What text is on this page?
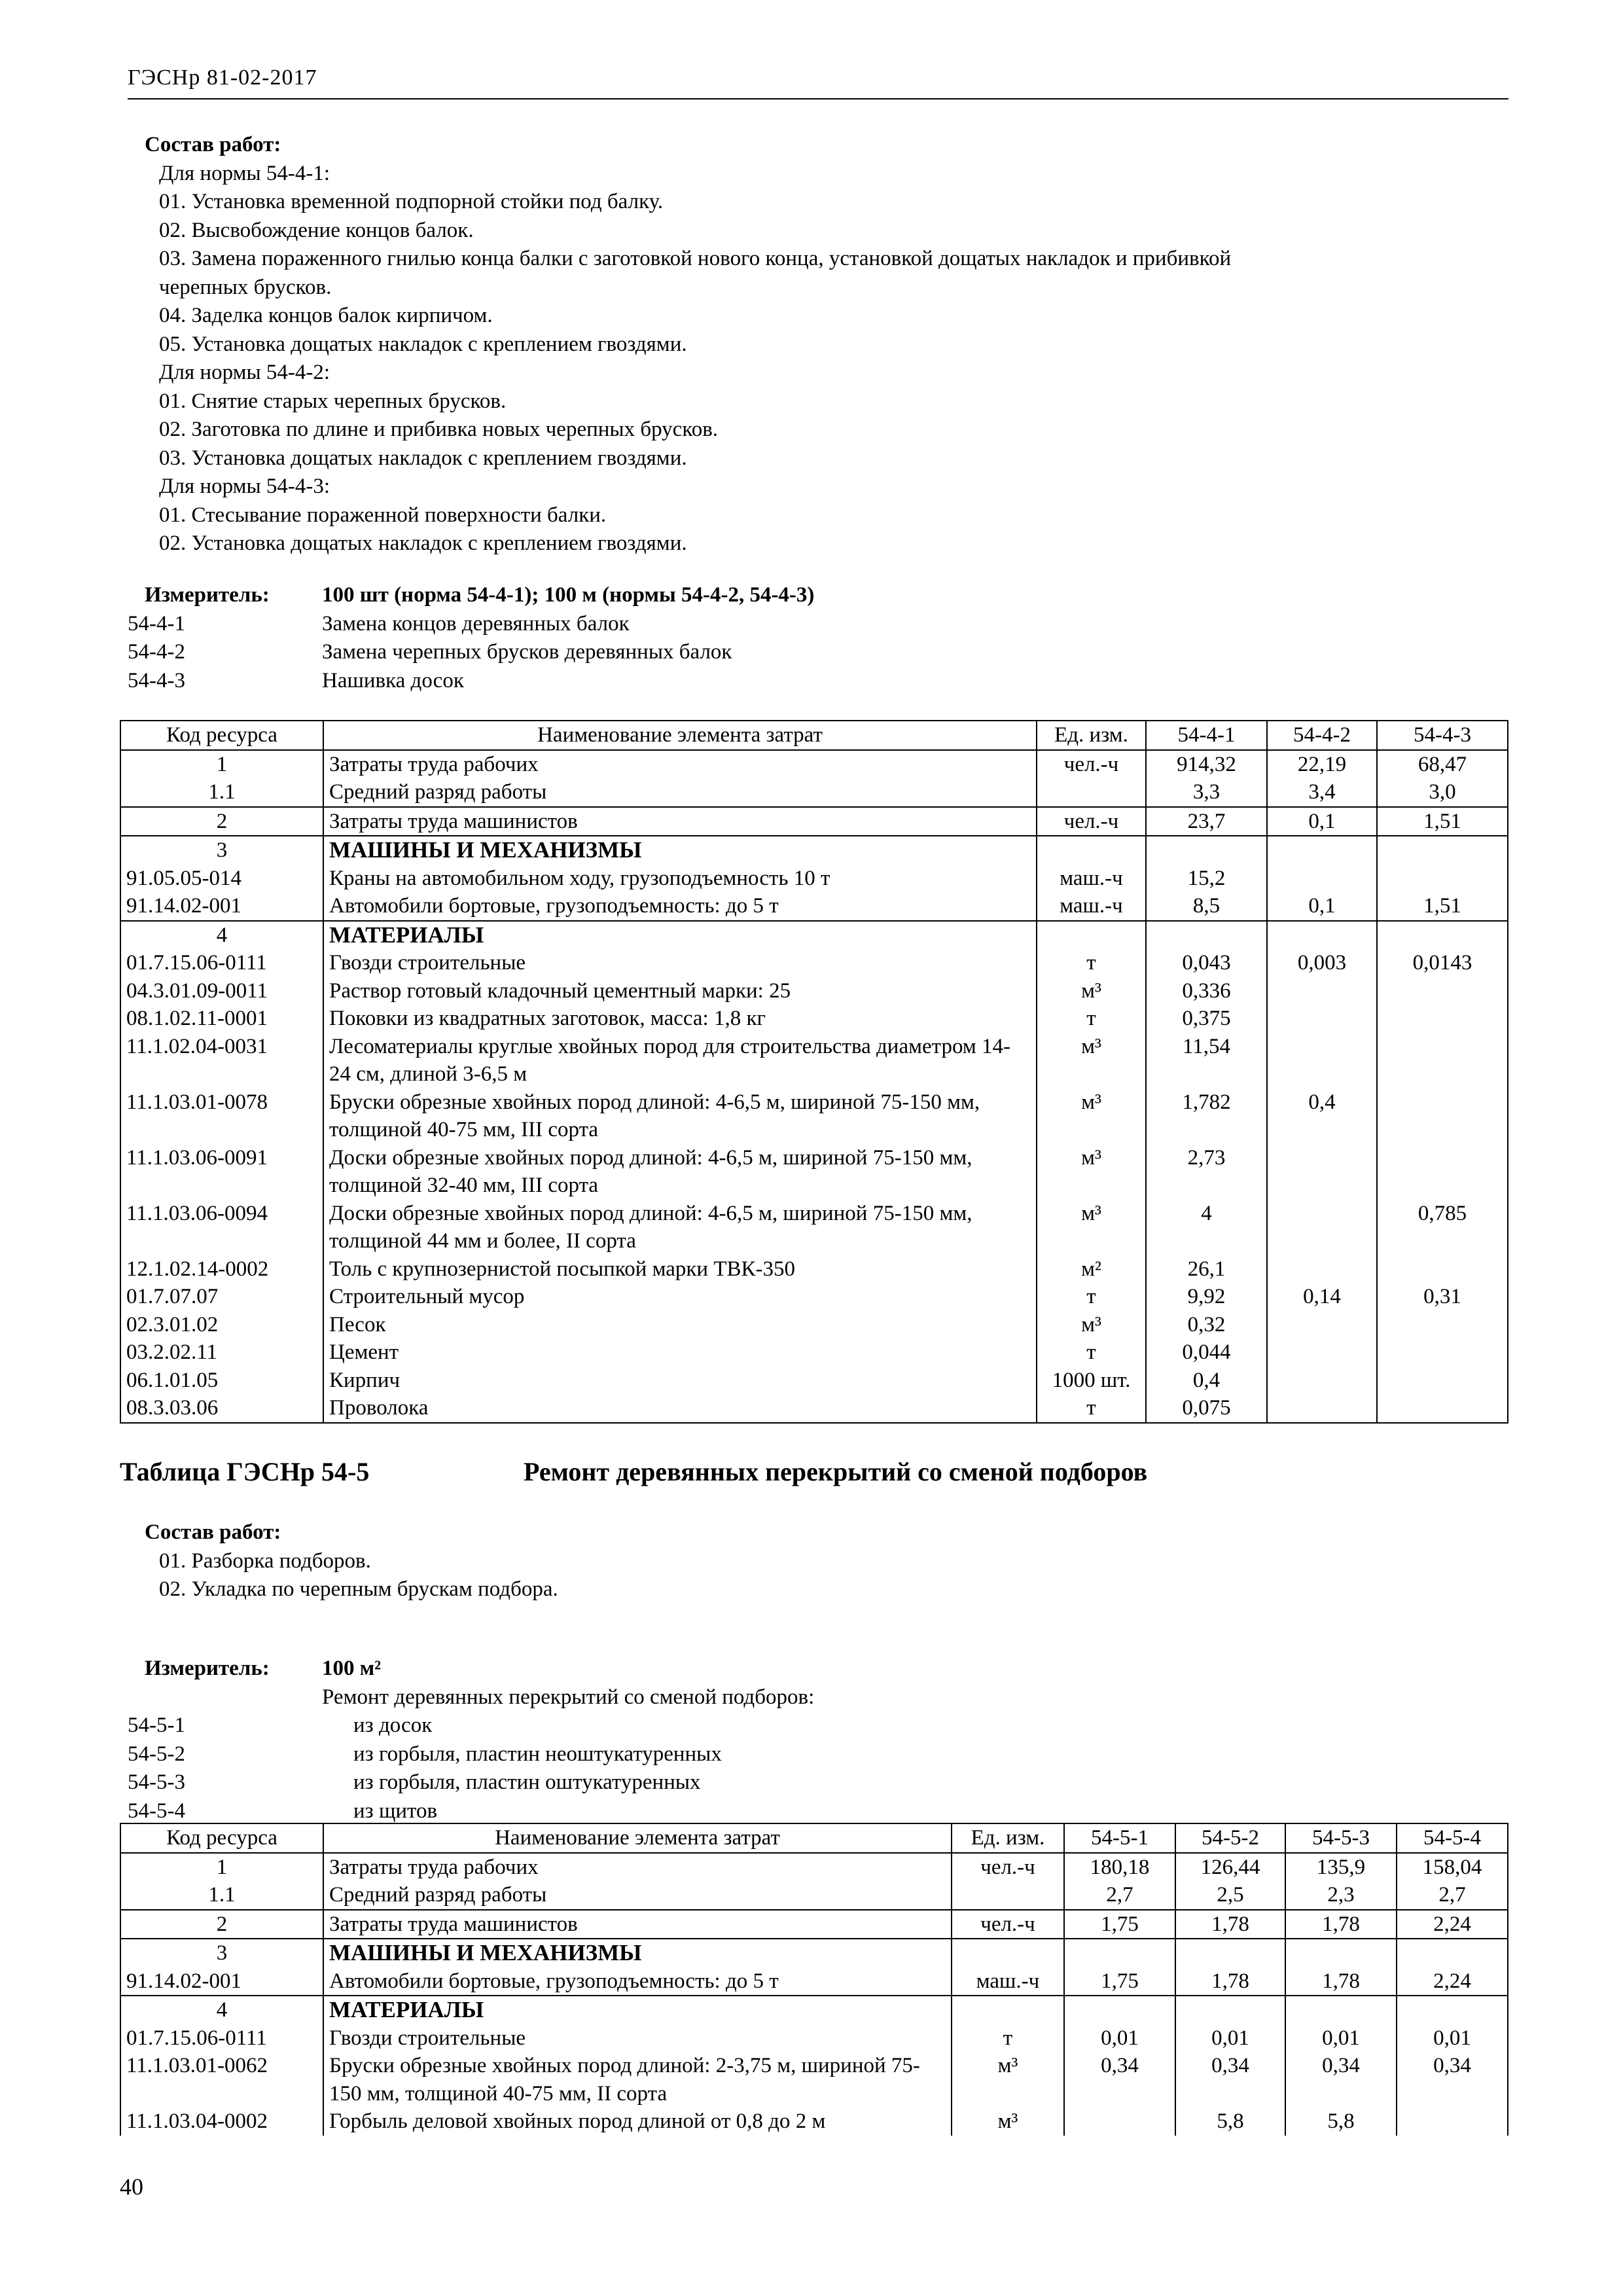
ГЭСНр 81-02-2017
Состав работ:
Для нормы 54-4-1:
01. Установка временной подпорной стойки под балку.
02. Высвобождение концов балок.
03. Замена пораженного гнилью конца балки с заготовкой нового конца, установкой дощатых накладок и прибивкой
черепных брусков.
04. Заделка концов балок кирпичом.
05. Установка дощатых накладок с креплением гвоздями.
Для нормы 54-4-2:
01. Снятие старых черепных брусков.
02. Заготовка по длине и прибивка новых черепных брусков.
03. Установка дощатых накладок с креплением гвоздями.
Для нормы 54-4-3:
01. Стесывание пораженной поверхности балки.
02. Установка дощатых накладок с креплением гвоздями.
Измеритель:	100 шт (норма 54-4-1); 100 м (нормы 54-4-2, 54-4-3)
54-4-1	Замена концов деревянных балок
54-4-2	Замена черепных брусков деревянных балок
54-4-3	Нашивка досок
Код ресурса	Наименование элемента затрат	Ед. изм.	54-4-1	54-4-2	54-4-3
1	Затраты труда рабочих	чел.-ч	914,32	22,19	68,47
1.1	Средний разряд работы		3,3	3,4	3,0
2	Затраты труда машинистов	чел.-ч	23,7	0,1	1,51
3	МАШИНЫ И МЕХАНИЗМЫ				
91.05.05-014	Краны на автомобильном ходу, грузоподъемность 10 т	маш.-ч	15,2		
91.14.02-001	Автомобили бортовые, грузоподъемность: до 5 т	маш.-ч	8,5	0,1	1,51
4	МАТЕРИАЛЫ				
01.7.15.06-0111	Гвозди строительные	т	0,043	0,003	0,0143
04.3.01.09-0011	Раствор готовый кладочный цементный марки: 25	м³	0,336		
08.1.02.11-0001	Поковки из квадратных заготовок, масса: 1,8 кг	т	0,375		
11.1.02.04-0031	Лесоматериалы круглые хвойных пород для строительства диаметром 14-24 см, длиной 3-6,5 м	м³	11,54		
11.1.03.01-0078	Бруски обрезные хвойных пород длиной: 4-6,5 м, шириной 75-150 мм, толщиной 40-75 мм, III сорта	м³	1,782	0,4	
11.1.03.06-0091	Доски обрезные хвойных пород длиной: 4-6,5 м, шириной 75-150 мм, толщиной 32-40 мм, III сорта	м³	2,73		
11.1.03.06-0094	Доски обрезные хвойных пород длиной: 4-6,5 м, шириной 75-150 мм, толщиной 44 мм и более, II сорта	м³	4		0,785
12.1.02.14-0002	Толь с крупнозернистой посыпкой марки ТВК-350	м²	26,1		
01.7.07.07	Строительный мусор	т	9,92	0,14	0,31
02.3.01.02	Песок	м³	0,32		
03.2.02.11	Цемент	т	0,044		
06.1.01.05	Кирпич	1000 шт.	0,4		
08.3.03.06	Проволока	т	0,075		
Таблица ГЭСНр 54-5	Ремонт деревянных перекрытий со сменой подборов
Состав работ:
01. Разборка подборов.
02. Укладка по черепным брускам подбора.
Измеритель:	100 м²
Ремонт деревянных перекрытий со сменой подборов:
54-5-1	из досок
54-5-2	из горбыля, пластин неоштукатуренных
54-5-3	из горбыля, пластин оштукатуренных
54-5-4	из щитов
Код ресурса	Наименование элемента затрат	Ед. изм.	54-5-1	54-5-2	54-5-3	54-5-4
1	Затраты труда рабочих	чел.-ч	180,18	126,44	135,9	158,04
1.1	Средний разряд работы		2,7	2,5	2,3	2,7
2	Затраты труда машинистов	чел.-ч	1,75	1,78	1,78	2,24
3	МАШИНЫ И МЕХАНИЗМЫ					
91.14.02-001	Автомобили бортовые, грузоподъемность: до 5 т	маш.-ч	1,75	1,78	1,78	2,24
4	МАТЕРИАЛЫ					
01.7.15.06-0111	Гвозди строительные	т	0,01	0,01	0,01	0,01
11.1.03.01-0062	Бруски обрезные хвойных пород длиной: 2-3,75 м, шириной 75-150 мм, толщиной 40-75 мм, II сорта	м³	0,34	0,34	0,34	0,34
11.1.03.04-0002	Горбыль деловой хвойных пород длиной от 0,8 до 2 м	м³		5,8	5,8	
40
